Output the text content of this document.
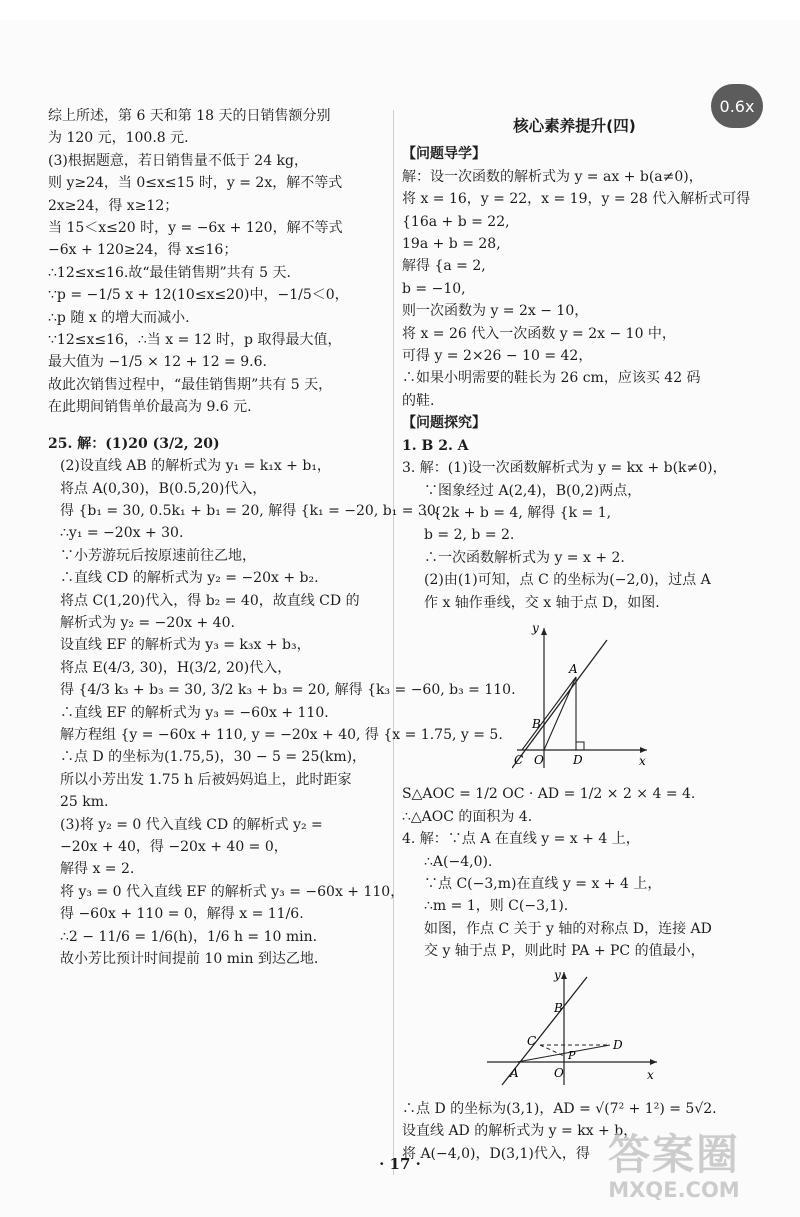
综上所述，第 6 天和第 18 天的日销售额分别
为 120 元，100.8 元.
(3)根据题意，若日销售量不低于 24 kg，
则 y≥24，当 0≤x≤15 时，y = 2x，解不等式
2x≥24，得 x≥12；
当 15＜x≤20 时，y = −6x + 120，解不等式
−6x + 120≥24，得 x≤16；
∴12≤x≤16.故“最佳销售期”共有 5 天.
∵p = −1/5 x + 12(10≤x≤20)中，−1/5＜0，
∴p 随 x 的增大而减小.
∵12≤x≤16，∴当 x = 12 时，p 取得最大值，
最大值为 −1/5 × 12 + 12 = 9.6.
故此次销售过程中，“最佳销售期”共有 5 天，
在此期间销售单价最高为 9.6 元.
25. 解：(1)20 (3/2, 20)
(2)设直线 AB 的解析式为 y₁ = k₁x + b₁，
将点 A(0,30)，B(0.5,20)代入，
得 {b₁ = 30, 0.5k₁ + b₁ = 20, 解得 {k₁ = −20, b₁ = 30.
∴y₁ = −20x + 30.
∵小芳游玩后按原速前往乙地，
∴直线 CD 的解析式为 y₂ = −20x + b₂.
将点 C(1,20)代入，得 b₂ = 40，故直线 CD 的
解析式为 y₂ = −20x + 40.
设直线 EF 的解析式为 y₃ = k₃x + b₃，
将点 E(4/3, 30)，H(3/2, 20)代入，
得 {4/3 k₃ + b₃ = 30, 3/2 k₃ + b₃ = 20, 解得 {k₃ = −60, b₃ = 110.
∴直线 EF 的解析式为 y₃ = −60x + 110.
解方程组 {y = −60x + 110, y = −20x + 40, 得 {x = 1.75, y = 5.
∴点 D 的坐标为(1.75,5)，30 − 5 = 25(km)，
所以小芳出发 1.75 h 后被妈妈追上，此时距家
25 km.
(3)将 y₂ = 0 代入直线 CD 的解析式 y₂ =
−20x + 40，得 −20x + 40 = 0，
解得 x = 2.
将 y₃ = 0 代入直线 EF 的解析式 y₃ = −60x + 110，
得 −60x + 110 = 0，解得 x = 11/6.
∴2 − 11/6 = 1/6(h)，1/6 h = 10 min.
故小芳比预计时间提前 10 min 到达乙地.
核心素养提升(四)
【问题导学】
解：设一次函数的解析式为 y = ax + b(a≠0)，
将 x = 16，y = 22，x = 19，y = 28 代入解析式可得
{16a + b = 22,
19a + b = 28,
解得 {a = 2,
b = −10,
则一次函数为 y = 2x − 10，
将 x = 26 代入一次函数 y = 2x − 10 中，
可得 y = 2×26 − 10 = 42，
∴如果小明需要的鞋长为 26 cm，应该买 42 码
的鞋.
【问题探究】
1. B 2. A
3. 解：(1)设一次函数解析式为 y = kx + b(k≠0)，
∵图象经过 A(2,4)，B(0,2)两点，
∴{2k + b = 4, 解得 {k = 1,
b = 2, b = 2.
∴一次函数解析式为 y = x + 2.
(2)由(1)可知，点 C 的坐标为(−2,0)，过点 A
作 x 轴作垂线，交 x 轴于点 D，如图.
y
x
A
B
C O D
S△AOC = 1/2 OC · AD = 1/2 × 2 × 4 = 4.
∴△AOC 的面积为 4.
4. 解：∵点 A 在直线 y = x + 4 上，
∴A(−4,0).
∵点 C(−3,m)在直线 y = x + 4 上，
∴m = 1，则 C(−3,1).
如图，作点 C 关于 y 轴的对称点 D，连接 AD
交 y 轴于点 P，则此时 PA + PC 的值最小，
y
x
A
B
C
O
D
P
∴点 D 的坐标为(3,1)，AD = √(7² + 1²) = 5√2.
设直线 AD 的解析式为 y = kx + b，
将 A(−4,0)，D(3,1)代入，得
· 17 ·
0.6x
答案圈
MXQE.COM
